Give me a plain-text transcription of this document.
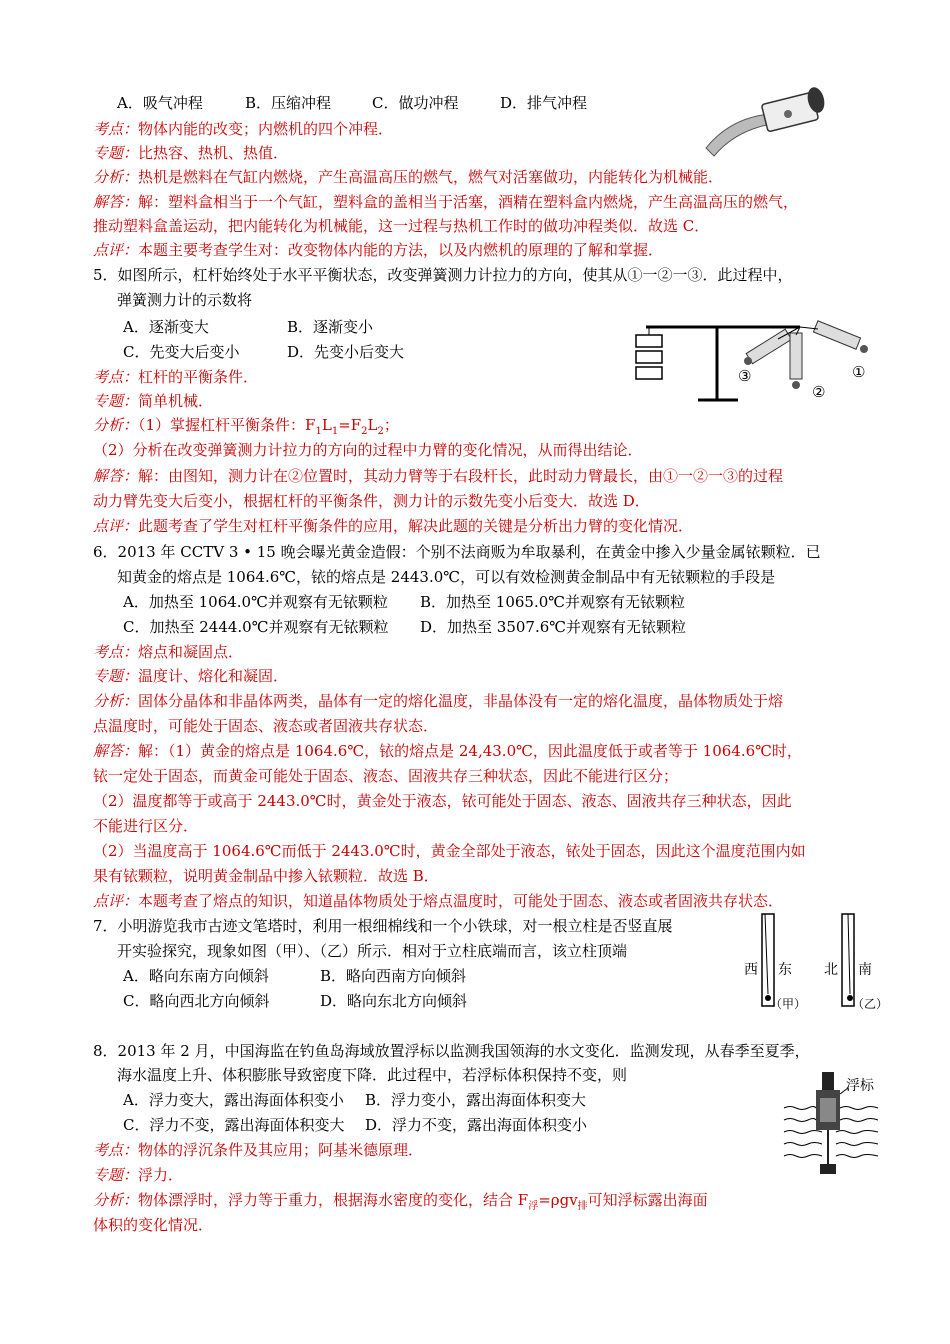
A．吸气冲程	B．压缩冲程	C．做功冲程	D．排气冲程
考点：物体内能的改变；内燃机的四个冲程．
专题：比热容、热机、热值．
分析：热机是燃料在气缸内燃烧，产生高温高压的燃气，燃气对活塞做功，内能转化为机械能．
解答：解：塑料盒相当于一个气缸，塑料盒的盖相当于活塞，酒精在塑料盒内燃烧，产生高温高压的燃气，
推动塑料盒盖运动，把内能转化为机械能，这一过程与热机工作时的做功冲程类似．故选 C．
点评：本题主要考查学生对：改变物体内能的方法，以及内燃机的原理的了解和掌握．
5．如图所示，杠杆始终处于水平平衡状态，改变弹簧测力计拉力的方向，使其从①一②一③．此过程中，
弹簧测力计的示数将
A．逐渐变大	B．逐渐变小
C．先变大后变小	D．先变小后变大
考点：杠杆的平衡条件．
专题：简单机械．
分析：（1）掌握杠杆平衡条件：$F_1L_1=F_2L_2$；
（2）分析在改变弹簧测力计拉力的方向的过程中力臂的变化情况，从而得出结论．
解答：解：由图知，测力计在②位置时，其动力臂等于右段杆长，此时动力臂最长，由①一②一③的过程
动力臂先变大后变小，根据杠杆的平衡条件，测力计的示数先变小后变大．故选 D．
点评：此题考查了学生对杠杆平衡条件的应用，解决此题的关键是分析出力臂的变化情况．
③
②
①
6．2013 年 CCTV 3 • 15 晚会曝光黄金造假：个别不法商贩为牟取暴利，在黄金中掺入少量金属铱颗粒．已
知黄金的熔点是 1064.6℃，铱的熔点是 2443.0℃，可以有效检测黄金制品中有无铱颗粒的手段是
A．加热至 1064.0℃并观察有无铱颗粒 B．加热至 1065.0℃并观察有无铱颗粒
C．加热至 2444.0℃并观察有无铱颗粒 D．加热至 3507.6℃并观察有无铱颗粒
考点：熔点和凝固点．
专题：温度计、熔化和凝固．
分析：固体分晶体和非晶体两类，晶体有一定的熔化温度，非晶体没有一定的熔化温度，晶体物质处于熔
点温度时，可能处于固态、液态或者固液共存状态．
解答：解：（1）黄金的熔点是 1064.6℃，铱的熔点是 24,43.0℃，因此温度低于或者等于 1064.6℃时，
铱一定处于固态，而黄金可能处于固态、液态、固液共存三种状态，因此不能进行区分；
（2）温度都等于或高于 2443.0℃时，黄金处于液态，铱可能处于固态、液态、固液共存三种状态，因此
不能进行区分．
（2）当温度高于 1064.6℃而低于 2443.0℃时，黄金全部处于液态，铱处于固态，因此这个温度范围内如
果有铱颗粒，说明黄金制品中掺入铱颗粒．故选 B．
点评：本题考查了熔点的知识，知道晶体物质处于熔点温度时，可能处于固态、液态或者固液共存状态．
7．小明游览我市古迹文笔塔时，利用一根细棉线和一个小铁球，对一根立柱是否竖直展
开实验探究，现象如图（甲）、（乙）所示．相对于立柱底端而言，该立柱顶端
A．略向东南方向倾斜	B．略向西南方向倾斜
C．略向西北方向倾斜	D．略向东北方向倾斜
西 东 北 南
（甲）	（乙）
8．2013 年 2 月，中国海监在钓鱼岛海域放置浮标以监测我国领海的水文变化．监测发现，从春季至夏季，
海水温度上升、体积膨胀导致密度下降．此过程中，若浮标体积保持不变，则
A．浮力变大，露出海面体积变小 B．浮力变小，露出海面体积变大
C．浮力不变，露出海面体积变大 D．浮力不变，露出海面体积变小
考点：物体的浮沉条件及其应用；阿基米德原理．
专题：浮力．
分析：物体漂浮时，浮力等于重力，根据海水密度的变化，结合 $F_浮=\rho gv_排$可知浮标露出海面
体积的变化情况．
浮标
